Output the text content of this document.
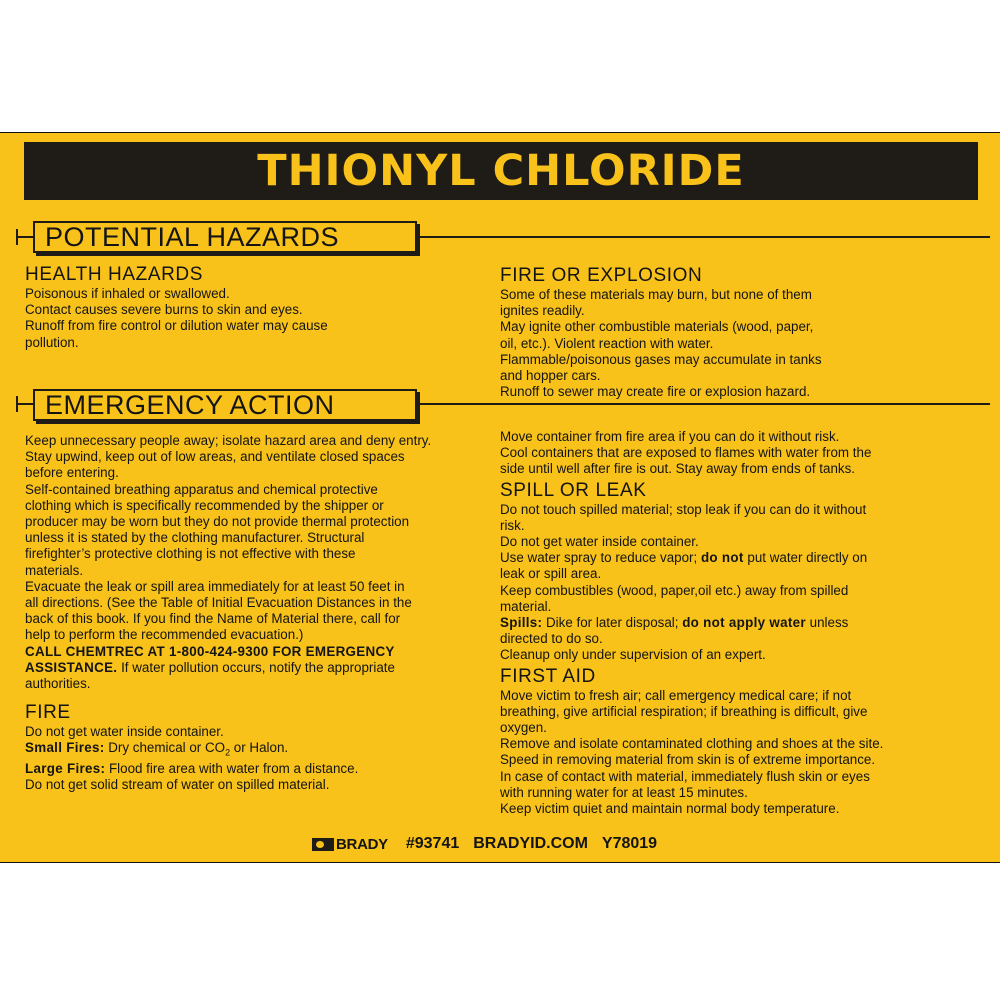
THIONYL CHLORIDE
POTENTIAL HAZARDS
EMERGENCY ACTION

HEALTH HAZARDS

Poisonous if inhaled or swallowed.

Contact causes severe burns to skin and eyes.

Runoff from fire control or dilution water may cause

pollution.

FIRE OR EXPLOSION

Some of these materials may burn, but none of them

ignites readily.

May ignite other combustible materials (wood, paper,

oil, etc.). Violent reaction with water.

Flammable/poisonous gases may accumulate in tanks

and hopper cars.

Runoff to sewer may create fire or explosion hazard.

Keep unnecessary people away; isolate hazard area and deny entry.

Stay upwind, keep out of low areas, and ventilate closed spaces

before entering.

Self-contained breathing apparatus and chemical protective

clothing which is specifically recommended by the shipper or

producer may be worn but they do not provide thermal protection

unless it is stated by the clothing manufacturer. Structural

firefighter’s protective clothing is not effective with these

materials.

Evacuate the leak or spill area immediately for at least 50 feet in

all directions. (See the Table of Initial Evacuation Distances in the

back of this book. If you find the Name of Material there, call for

help to perform the recommended evacuation.)

CALL CHEMTREC AT 1-800-424-9300 FOR EMERGENCY

ASSISTANCE. If water pollution occurs, notify the appropriate

authorities.

FIRE

Do not get water inside container.

Small Fires: Dry chemical or $CO_2$ or Halon.

Large Fires: Flood fire area with water from a distance.

Do not get solid stream of water on spilled material.

Move container from fire area if you can do it without risk.

Cool containers that are exposed to flames with water from the

side until well after fire is out. Stay away from ends of tanks.

SPILL OR LEAK

Do not touch spilled material; stop leak if you can do it without

risk.

Do not get water inside container.

Use water spray to reduce vapor; do not put water directly on

leak or spill area.

Keep combustibles (wood, paper,oil etc.) away from spilled

material.

Spills: Dike for later disposal; do not apply water unless

directed to do so.

Cleanup only under supervision of an expert.

FIRST AID

Move victim to fresh air; call emergency medical care; if not

breathing, give artificial respiration; if breathing is difficult, give

oxygen.

Remove and isolate contaminated clothing and shoes at the site.

Speed in removing material from skin is of extreme importance.

In case of contact with material, immediately flush skin or eyes

with running water for at least 15 minutes.

Keep victim quiet and maintain normal body temperature.

BRADY #93741 BRADYID.COM Y78019
